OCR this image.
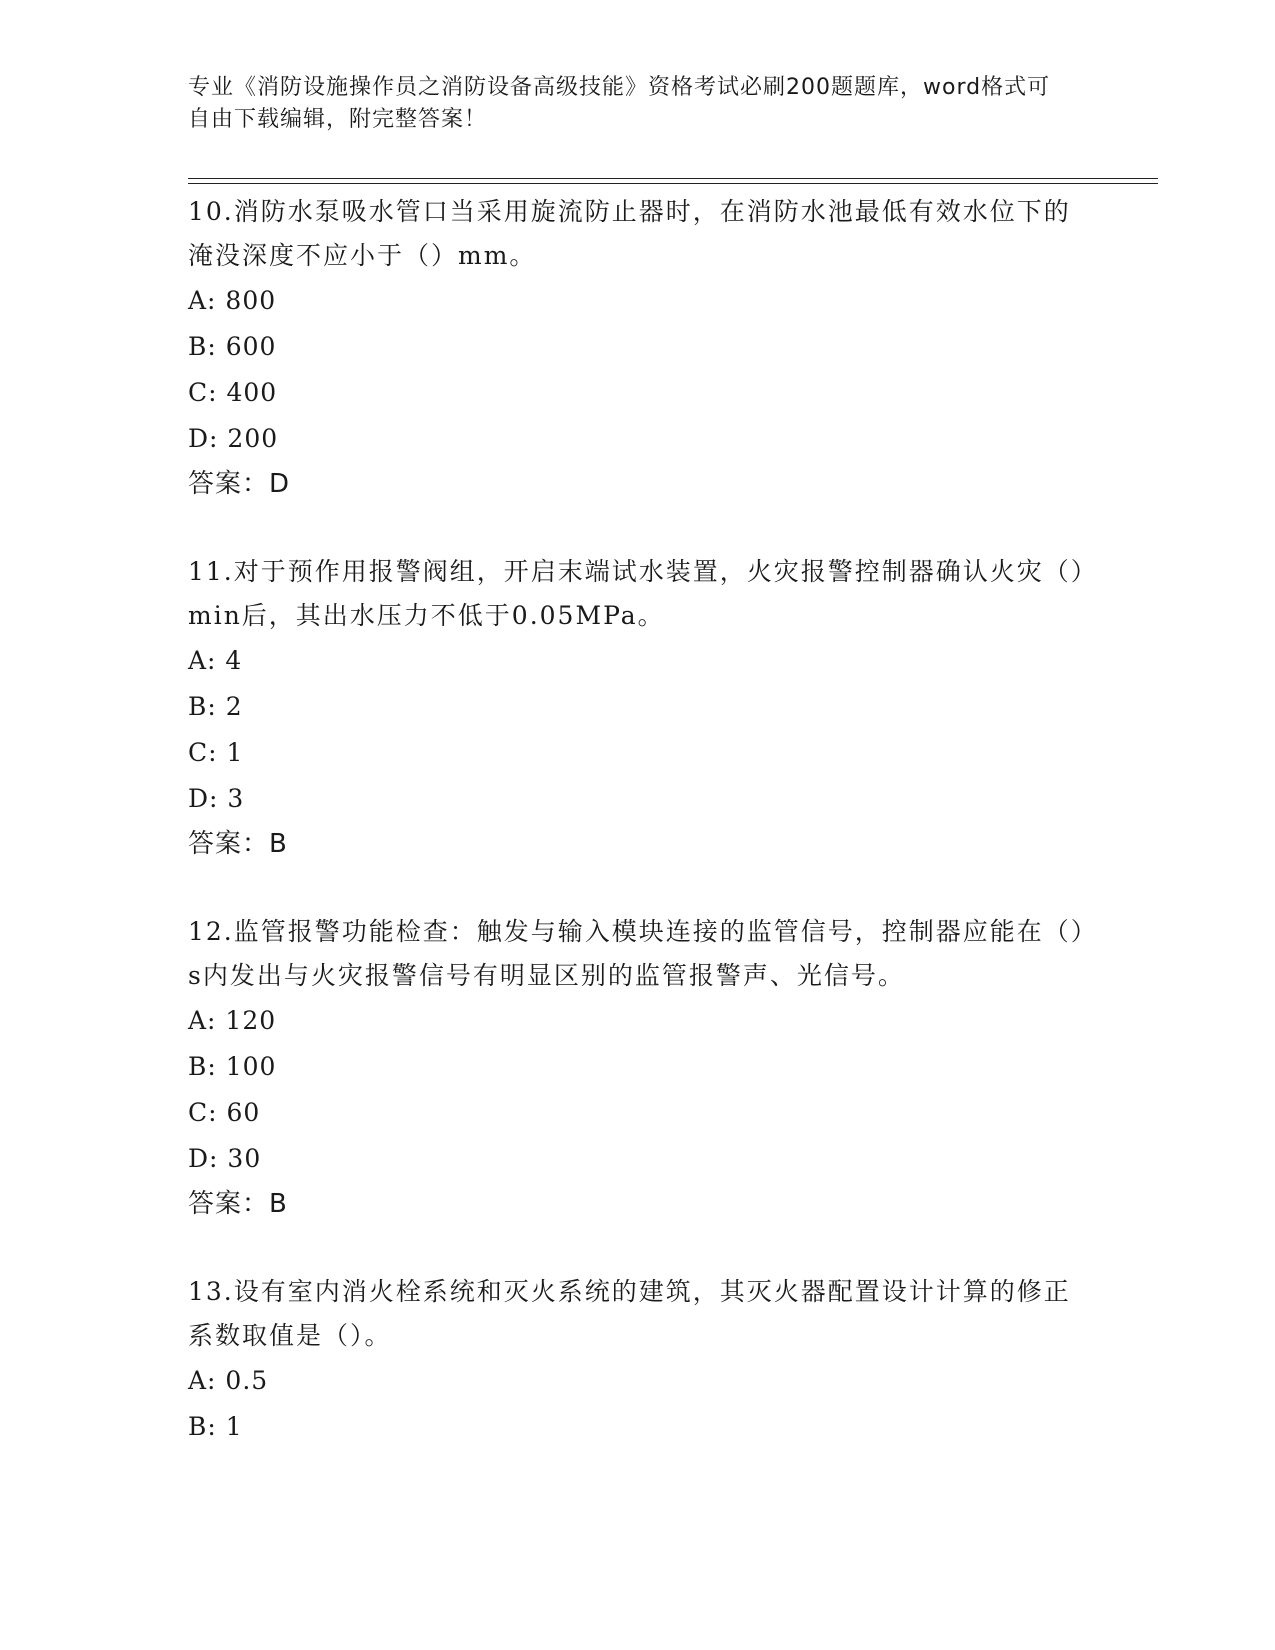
专业《消防设施操作员之消防设备高级技能》资格考试必刷200题题库，word格式可自由下载编辑，附完整答案！
10.消防水泵吸水管口当采用旋流防止器时，在消防水池最低有效水位下的淹没深度不应小于（）mm。
A: 800
B: 600
C: 400
D: 200
答案：D
11.对于预作用报警阀组，开启末端试水装置，火灾报警控制器确认火灾（）min后，其出水压力不低于0.05MPa。
A: 4
B: 2
C: 1
D: 3
答案：B
12.监管报警功能检查：触发与输入模块连接的监管信号，控制器应能在（）s内发出与火灾报警信号有明显区别的监管报警声、光信号。
A: 120
B: 100
C: 60
D: 30
答案：B
13.设有室内消火栓系统和灭火系统的建筑，其灭火器配置设计计算的修正系数取值是（）。
A: 0.5
B: 1
